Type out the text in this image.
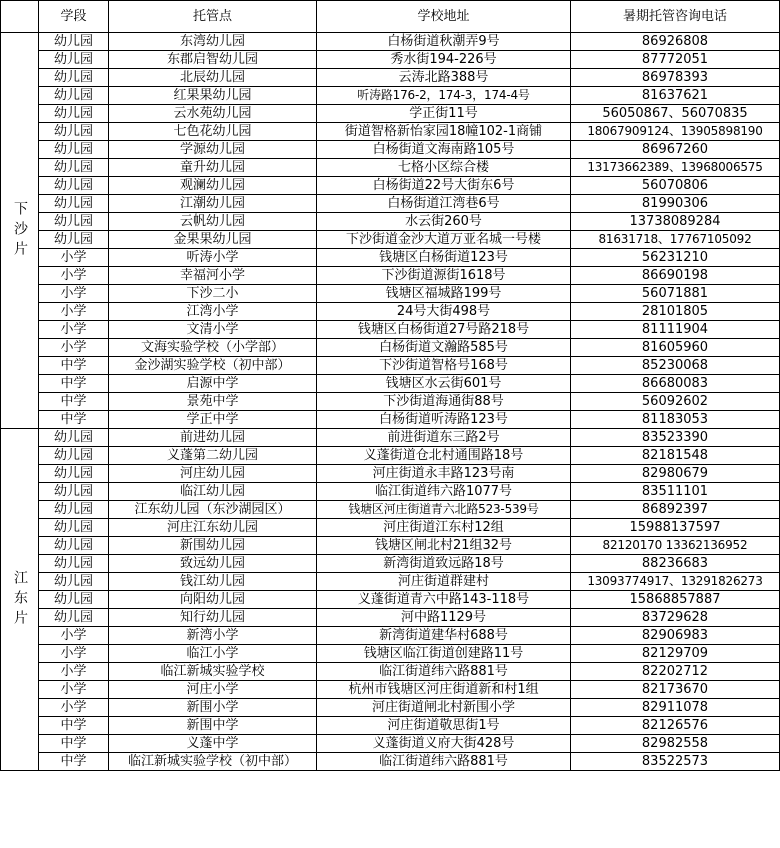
	学段	托管点	学校地址	暑期托管咨询电话
下沙片	幼儿园	东湾幼儿园	白杨街道秋潮弄9号	86926808
	幼儿园	东郡启智幼儿园	秀水街194-226号	87772051
	幼儿园	北辰幼儿园	云涛北路388号	86978393
	幼儿园	红果果幼儿园	听涛路176-2，174-3，174-4号	81637621
	幼儿园	云水苑幼儿园	学正街11号	56050867、56070835
	幼儿园	七色花幼儿园	街道智格新怡家园18幢102-1商铺	18067909124、13905898190
	幼儿园	学源幼儿园	白杨街道文海南路105号	86967260
	幼儿园	童升幼儿园	七格小区综合楼	13173662389、13968006575
	幼儿园	观澜幼儿园	白杨街道22号大街东6号	56070806
	幼儿园	江潮幼儿园	白杨街道江湾巷6号	81990306
	幼儿园	云帆幼儿园	水云街260号	13738089284
	幼儿园	金果果幼儿园	下沙街道金沙大道万亚名城一号楼	81631718、17767105092
	小学	听涛小学	钱塘区白杨街道123号	56231210
	小学	幸福河小学	下沙街道源街1618号	86690198
	小学	下沙二小	钱塘区福城路199号	56071881
	小学	江湾小学	24号大街498号	28101805
	小学	文清小学	钱塘区白杨街道27号路218号	81111904
	小学	文海实验学校（小学部）	白杨街道文瀚路585号	81605960
	中学	金沙湖实验学校（初中部）	下沙街道智格号168号	85230068
	中学	启源中学	钱塘区水云街601号	86680083
	中学	景苑中学	下沙街道海通街88号	56092602
	中学	学正中学	白杨街道听涛路123号	81183053
江东片	幼儿园	前进幼儿园	前进街道东三路2号	83523390
	幼儿园	义蓬第二幼儿园	义蓬街道仓北村通围路18号	82181548
	幼儿园	河庄幼儿园	河庄街道永丰路123号南	82980679
	幼儿园	临江幼儿园	临江街道纬六路1077号	83511101
	幼儿园	江东幼儿园（东沙湖园区）	钱塘区河庄街道青六北路523-539号	86892397
	幼儿园	河庄江东幼儿园	河庄街道江东村12组	15988137597
	幼儿园	新围幼儿园	钱塘区闸北村21组32号	82120170 13362136952
	幼儿园	致远幼儿园	新湾街道致远路18号	88236683
	幼儿园	钱江幼儿园	河庄街道群建村	13093774917、13291826273
	幼儿园	向阳幼儿园	义蓬街道青六中路143-118号	15868857887
	幼儿园	知行幼儿园	河中路1129号	83729628
	小学	新湾小学	新湾街道建华村688号	82906983
	小学	临江小学	钱塘区临江街道创建路11号	82129709
	小学	临江新城实验学校	临江街道纬六路881号	82202712
	小学	河庄小学	杭州市钱塘区河庄街道新和村1组	82173670
	小学	新围小学	河庄街道闸北村新围小学	82911078
	中学	新围中学	河庄街道敬思街1号	82126576
	中学	义蓬中学	义蓬街道义府大街428号	82982558
	中学	临江新城实验学校（初中部）	临江街道纬六路881号	83522573
